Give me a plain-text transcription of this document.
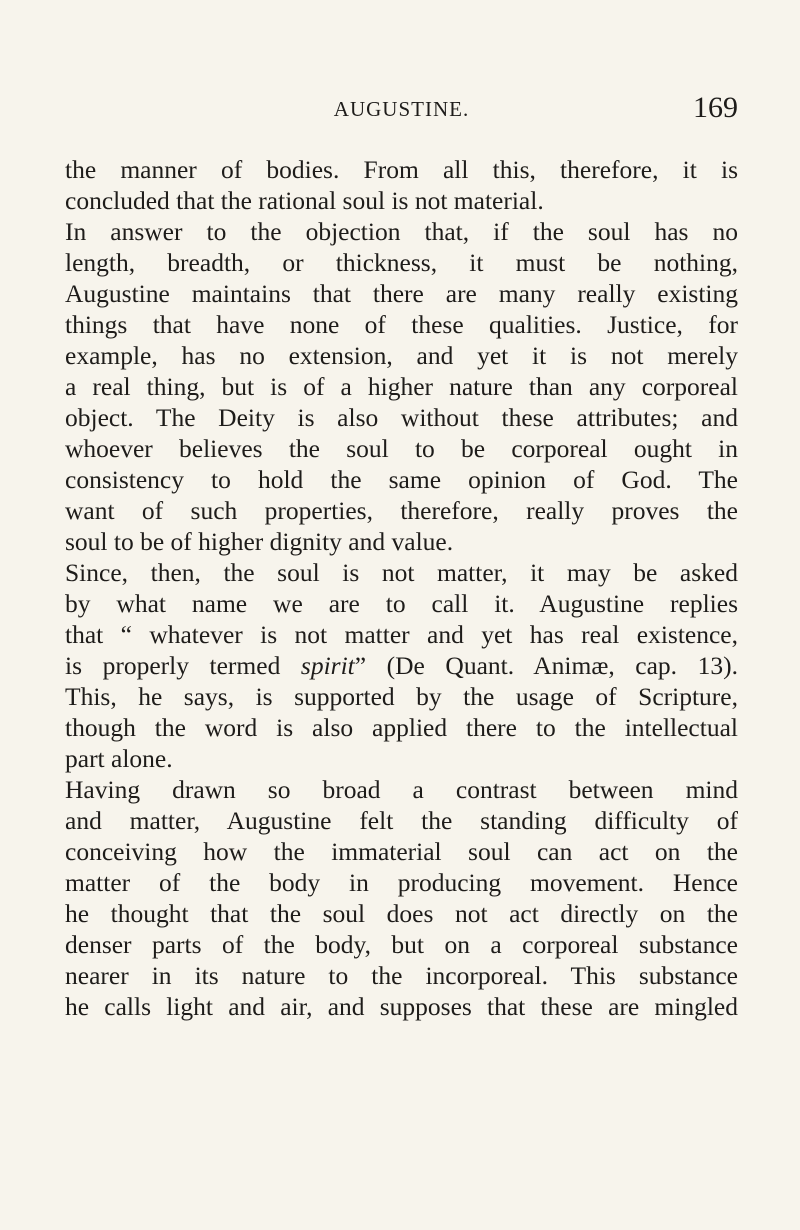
AUGUSTINE.	169
the manner of bodies. From all this, therefore, it is
concluded that the rational soul is not material.
In answer to the objection that, if the soul has no
length, breadth, or thickness, it must be nothing,
Augustine maintains that there are many really existing
things that have none of these qualities. Justice, for
example, has no extension, and yet it is not merely
a real thing, but is of a higher nature than any corporeal
object. The Deity is also without these attributes; and
whoever believes the soul to be corporeal ought in
consistency to hold the same opinion of God. The
want of such properties, therefore, really proves the
soul to be of higher dignity and value.
Since, then, the soul is not matter, it may be asked
by what name we are to call it. Augustine replies
that “ whatever is not matter and yet has real existence,
is properly termed spirit” (De Quant. Animæ, cap. 13).
This, he says, is supported by the usage of Scripture,
though the word is also applied there to the intellectual
part alone.
Having drawn so broad a contrast between mind
and matter, Augustine felt the standing difficulty of
conceiving how the immaterial soul can act on the
matter of the body in producing movement. Hence
he thought that the soul does not act directly on the
denser parts of the body, but on a corporeal substance
nearer in its nature to the incorporeal. This substance
he calls light and air, and supposes that these are mingled
